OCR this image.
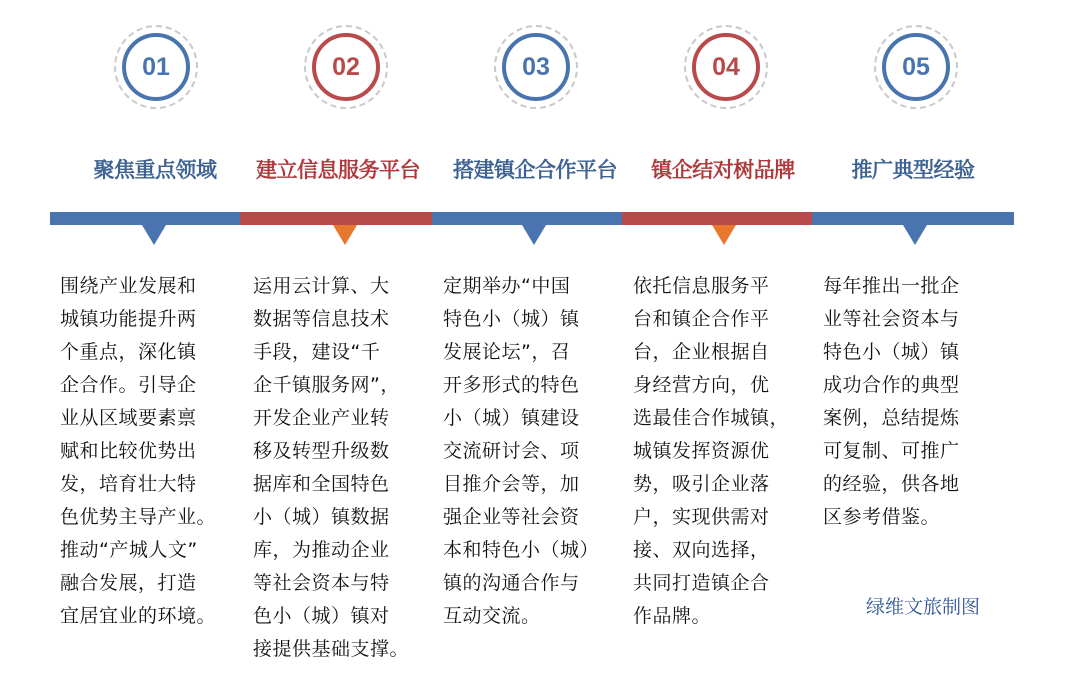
01
聚焦重点领域
围绕产业发展和
城镇功能提升两
个重点，深化镇
企合作。引导企
业从区域要素禀
赋和比较优势出
发，培育壮大特
色优势主导产业。
推动“产城人文”
融合发展，打造
宜居宜业的环境。
02
建立信息服务平台
运用云计算、大
数据等信息技术
手段，建设“千
企千镇服务网”，
开发企业产业转
移及转型升级数
据库和全国特色
小（城）镇数据
库，为推动企业
等社会资本与特
色小（城）镇对
接提供基础支撑。
03
搭建镇企合作平台
定期举办“中国
特色小（城）镇
发展论坛”，召
开多形式的特色
小（城）镇建设
交流研讨会、项
目推介会等，加
强企业等社会资
本和特色小（城）
镇的沟通合作与
互动交流。
04
镇企结对树品牌
依托信息服务平
台和镇企合作平
台，企业根据自
身经营方向，优
选最佳合作城镇，
城镇发挥资源优
势，吸引企业落
户，实现供需对
接、双向选择，
共同打造镇企合
作品牌。
05
推广典型经验
每年推出一批企
业等社会资本与
特色小（城）镇
成功合作的典型
案例，总结提炼
可复制、可推广
的经验，供各地
区参考借鉴。
绿维文旅制图
